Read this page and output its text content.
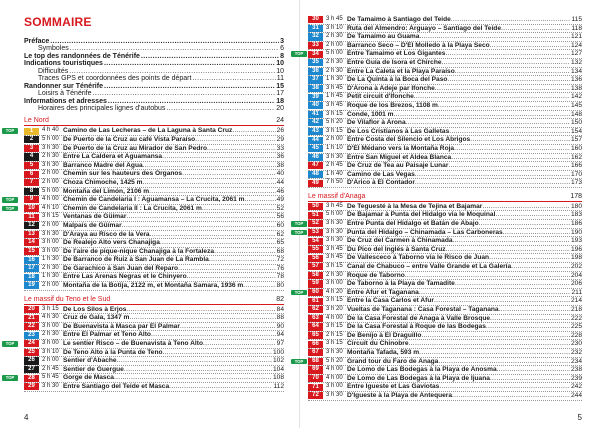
SOMMAIRE
Préface .....	3
Symboles .....	6
Le top des randonnées de Ténérife .....	8
Indications touristiques .....	10
Difficultés .....	10
Traces GPS et coordonnées des points de départ .....	11
Randonner sur Ténérife .....	15
Loisirs à Ténérife .....	17
Informations et adresses .....	18
Horaires des principales lignes d'autobus .....	20
Le Nord	24
TOP	1	4 h 40 Camino de Las Lecheras – de La Laguna à Santa Cruz .....	26
2	5 h 00 De Puerto de la Cruz au café Vista Paraíso .....	29
3	3 h 30 De Puerto de la Cruz au Mirador de San Pedro .....	33
4	2 h 30 Entre La Caldera et Aguamansa .....	36
5	3 h 30 Barranco Madre del Agua .....	38
6	2 h 00 Chemin sur les hauteurs des Órganos .....	40
7	2 h 00 Choza Chimoche, 1425 m .....	44
8	5 h 00 Montaña del Limón, 2106 m .....	46
TOP	9	4 h 00 Chemin de Candelaria I : Aguamansa – La Crucita, 2061 m .....	49
TOP	10	4 h 10 Chemin de Candelaria II : La Crucita, 2061 m .....	52
11	3 h 15 Ventanas de Güímar .....	56
12	2 h 00 Malpaís de Güímar .....	60
13	3 h 30 D'Araya au Risco de la Vera .....	62
14	3 h 00 De Realejo Alto vers Chanajiga .....	65
15	3 h 00 De l'aire de pique-nique Chanajiga à la Fortaleza .....	68
16	1 h 30 De Barranco de Ruiz à San Juan de La Rambla .....	72
17	2 h 30 De Garachico à San Juan del Reparo .....	76
18	1 h 30 Entre Las Arenas Negras et le Chinyero .....	78
19	2 h 00 Montaña de la Botija, 2122 m, et Montaña Samara, 1936 m .....	80
Le massif du Teno et le Sud	82
20	3 h 15 De Los Silos à Erjos .....	84
21	4 h 30 Cruz de Gala, 1347 m .....	88
22	3 h 00 De Buenavista à Masca par El Palmar .....	90
23	2 h 30 Entre El Palmar et Teno Alto .....	94
TOP	24	3 h 00 Le sentier Risco – de Buenavista à Teno Alto .....	97
25	3 h 10 De Teno Alto à la Punta de Teno .....	100
26	2 h 00 Sentier d'Abache .....	102
27	2 h 45 Sentier de Guergue .....	104
TOP	28	5 h 45 Gorge de Masca .....	108
29	3 h 30 Entre Santiago del Teide et Masca .....	112
4
30	3 h 45 De Tamaimo à Santiago del Teide .....	115
31	3 h 10 Ruta del Almendro: Arguayo – Santiago del Teide .....	118
32	2 h 30 De Tamaimo au Guama .....	121
33	2 h 00 Barranco Seco – D'El Molledo à la Playa Seco .....	124
TOP	34	5 h 00 Entre Tamaimo et Los Gigantes .....	127
35	2 h 30 Entre Guía de Isora et Chirche .....	132
36	2 h 30 Entre La Caleta et la Playa Paraíso .....	134
37	1 h 30 De La Quinta à la Boca del Paso .....	136
38	3 h 45 D'Arona à Adeje par Ifonche .....	138
39	1 h 45 Petit circuit d'Ifonche .....	142
40	3 h 45 Roque de los Brezos, 1108 m .....	145
41	3 h 15 Conde, 1001 m .....	148
42	5 h 20 De Vilaflor à Arona .....	150
43	3 h 15 De Los Cristianos à Las Galletas .....	154
44	2 h 00 Entre Costa del Silencio et Los Abrigos .....	157
45	1 h 10 D'El Médano vers la Montaña Roja .....	160
46	3 h 30 Entre San Miguel et Aldea Blanca .....	162
47	2 h 45 De Cruz de Tea au Paisaje Lunar .....	166
48	1 h 40 Camino de Las Vegas .....	170
49	7 h 50 D'Arico à El Contador .....	173
Le massif d'Anaga	178
50	3 h 45 De Teguesté à la Mesa de Tejina et Bajamar .....	180
51	5 h 00 De Bajamar à Punta del Hidalgo via le Moquinal .....	183
TOP	52	3 h 30 Entre Punta del Hidalgo et Batán de Abajo .....	186
TOP	53	3 h 30 Punta del Hidalgo – Chinamada – Las Carboneras .....	190
54	3 h 30 De Cruz del Carmen à Chinamada .....	193
55	3 h 45 Du Pico del Inglés à Santa Cruz .....	196
56	3 h 45 De Vallesceco à Taborno via le Risco de Juan .....	198
57	3 h 15 Canal de Chabuco – entre Valle Grande et La Galería .....	202
58	2 h 30 Roque de Taborno .....	204
59	3 h 00 De Taborno à la Playa de Tamadite .....	206
TOP	60	4 h 20 Entre Afur et Taganana .....	211
61	3 h 15 Entre la Casa Carlos et Afur .....	214
62	3 h 20 Vueltas de Taganana : Casa Forestal – Taganana .....	218
63	4 h 00 De la Casa Forestal de Anaga à Valle Brosque .....	222
64	3 h 15 De la Casa Forestal à Roque de las Bodegas .....	225
65	2 h 15 De Benijo à El Draguillo .....	228
66	3 h 15 Circuit du Chinobre .....	230
67	3 h 30 Montaña Tafada, 593 m .....	232
TOP	68	5 h 20 Grand tour du Faro de Anaga .....	234
69	4 h 00 De Lomo de Las Bodegas à la Playa de Anosma .....	238
70	4 h 00 De Lomo de Las Bodegas à la Playa de Ijuana .....	239
71	3 h 00 Entre Igueste et Las Gaviotas .....	242
72	3 h 30 D'Igueste à la Playa de Antequera .....	244
5
